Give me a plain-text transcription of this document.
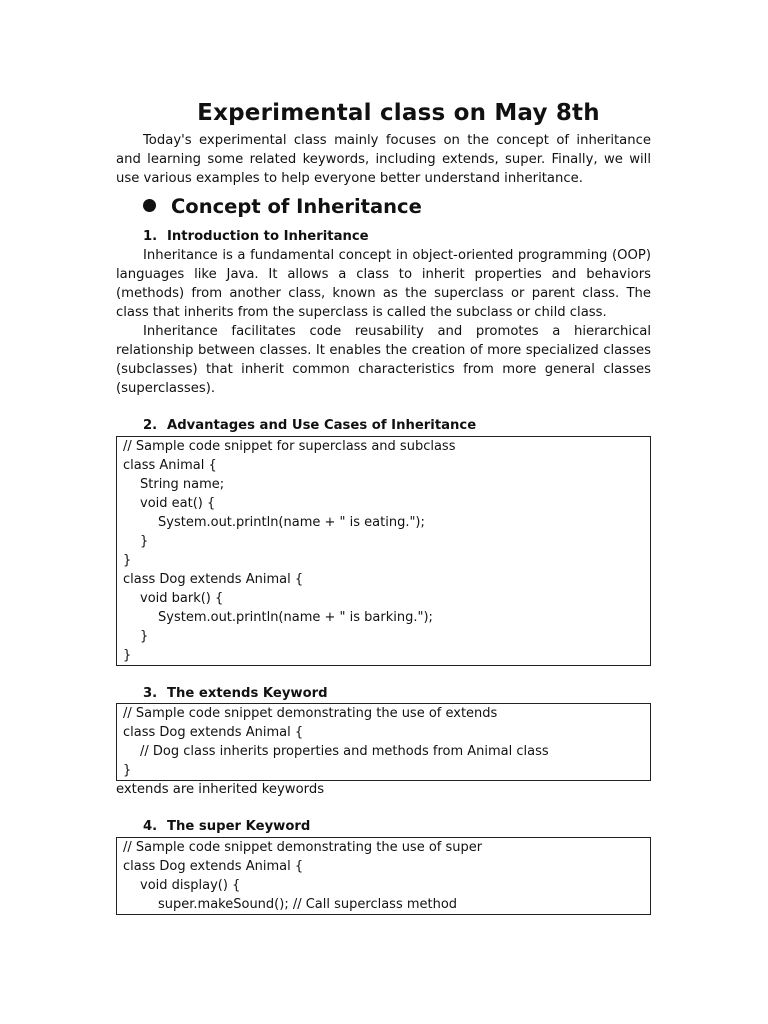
Experimental class on May 8th

Today's experimental class mainly focuses on the concept of inheritance and learning some related keywords, including extends, super. Finally, we will use various examples to help everyone better understand inheritance.

Concept of Inheritance
1. Introduction to Inheritance

Inheritance is a fundamental concept in object-oriented programming (OOP) languages like Java. It allows a class to inherit properties and behaviors (methods) from another class, known as the superclass or parent class. The class that inherits from the superclass is called the subclass or child class.

Inheritance facilitates code reusability and promotes a hierarchical relationship between classes. It enables the creation of more specialized classes (subclasses) that inherit common characteristics from more general classes (superclasses).

2. Advantages and Use Cases of Inheritance
// Sample code snippet for superclass and subclass
class Animal {
String name;
void eat() {
System.out.println(name + " is eating.");
}
}
class Dog extends Animal {
void bark() {
System.out.println(name + " is barking.");
}
}
3. The extends Keyword
// Sample code snippet demonstrating the use of extends
class Dog extends Animal {
// Dog class inherits properties and methods from Animal class
}
extends are inherited keywords
4. The super Keyword
// Sample code snippet demonstrating the use of super
class Dog extends Animal {
void display() {
super.makeSound(); // Call superclass method
